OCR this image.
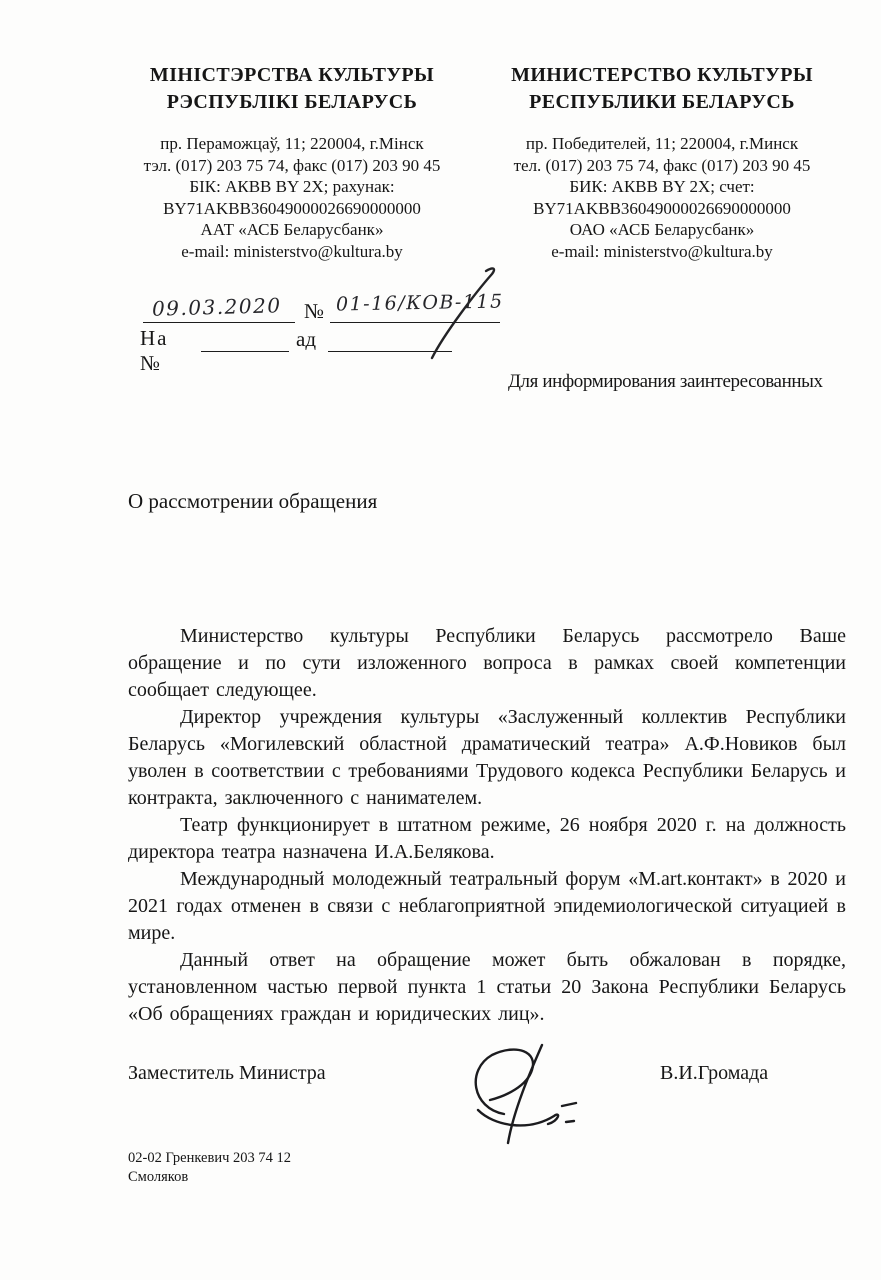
МІНІСТЭРСТВА КУЛЬТУРЫ
РЭСПУБЛІКІ БЕЛАРУСЬ
пр. Пераможцаў, 11; 220004, г.Мінск
тэл. (017) 203 75 74, факс (017) 203 90 45
БІК: АКВВ BY 2X; рахунак:
BY71AKBB36049000026690000000
ААТ «АСБ Беларусбанк»
e-mail: ministerstvo@kultura.by
МИНИСТЕРСТВО КУЛЬТУРЫ
РЕСПУБЛИКИ БЕЛАРУСЬ
пр. Победителей, 11; 220004, г.Минск
тел. (017) 203 75 74, факс (017) 203 90 45
БИК: АКВВ BY 2X; счет:
BY71AKBB36049000026690000000
ОАО «АСБ Беларусбанк»
e-mail: ministerstvo@kultura.by
09.03.2020 № 01-16/КОВ-115
На №
ад
Для информирования заинтересованных
О рассмотрении обращения

Министерство культуры Республики Беларусь рассмотрело Ваше обращение и по сути изложенного вопроса в рамках своей компетенции сообщает следующее.

Директор учреждения культуры «Заслуженный коллектив Республики Беларусь «Могилевский областной драматический театра» А.Ф.Новиков был уволен в соответствии с требованиями Трудового кодекса Республики Беларусь и контракта, заключенного с нанимателем.

Театр функционирует в штатном режиме, 26 ноября 2020 г. на должность директора театра назначена И.А.Белякова.

Международный молодежный театральный форум «М.art.контакт» в 2020 и 2021 годах отменен в связи с неблагоприятной эпидемиологической ситуацией в мире.

Данный ответ на обращение может быть обжалован в порядке, установленном частью первой пункта 1 статьи 20 Закона Республики Беларусь «Об обращениях граждан и юридических лиц».

Заместитель Министра	В.И.Громада
02-02 Гренкевич 203 74 12
Смоляков
